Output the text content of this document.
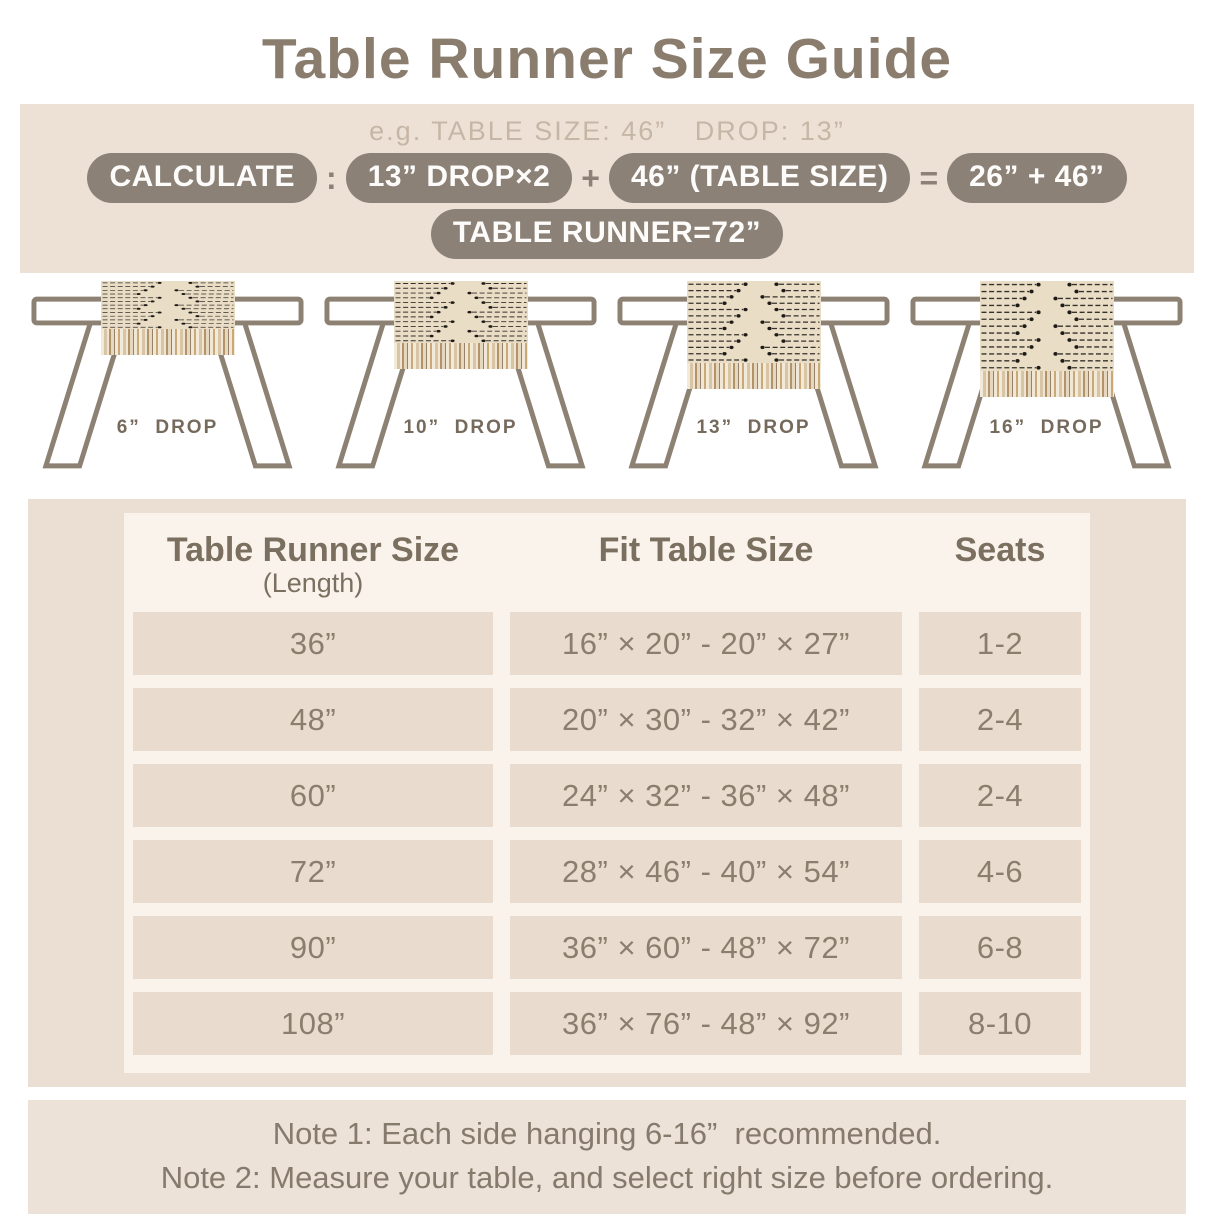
Table Runner Size Guide
e.g. TABLE SIZE: 46”   DROP: 13”
CALCULATE :	13” DROP×2 +	46” (TABLE SIZE) =	26” + 46”
TABLE RUNNER=72”
6”  DROP	10”  DROP	13”  DROP	16”  DROP
Table Runner Size
(Length)
Fit Table Size	Seats
36”	16” × 20” - 20” × 27”	1-2
48”	20” × 30” - 32” × 42”	2-4
60”	24” × 32” - 36” × 48”	2-4
72”	28” × 46” - 40” × 54”	4-6
90”	36” × 60” - 48” × 72”	6-8
108”	36” × 76” - 48” × 92”	8-10
Note 1: Each side hanging 6-16”  recommended.
Note 2: Measure your table, and select right size before ordering.
